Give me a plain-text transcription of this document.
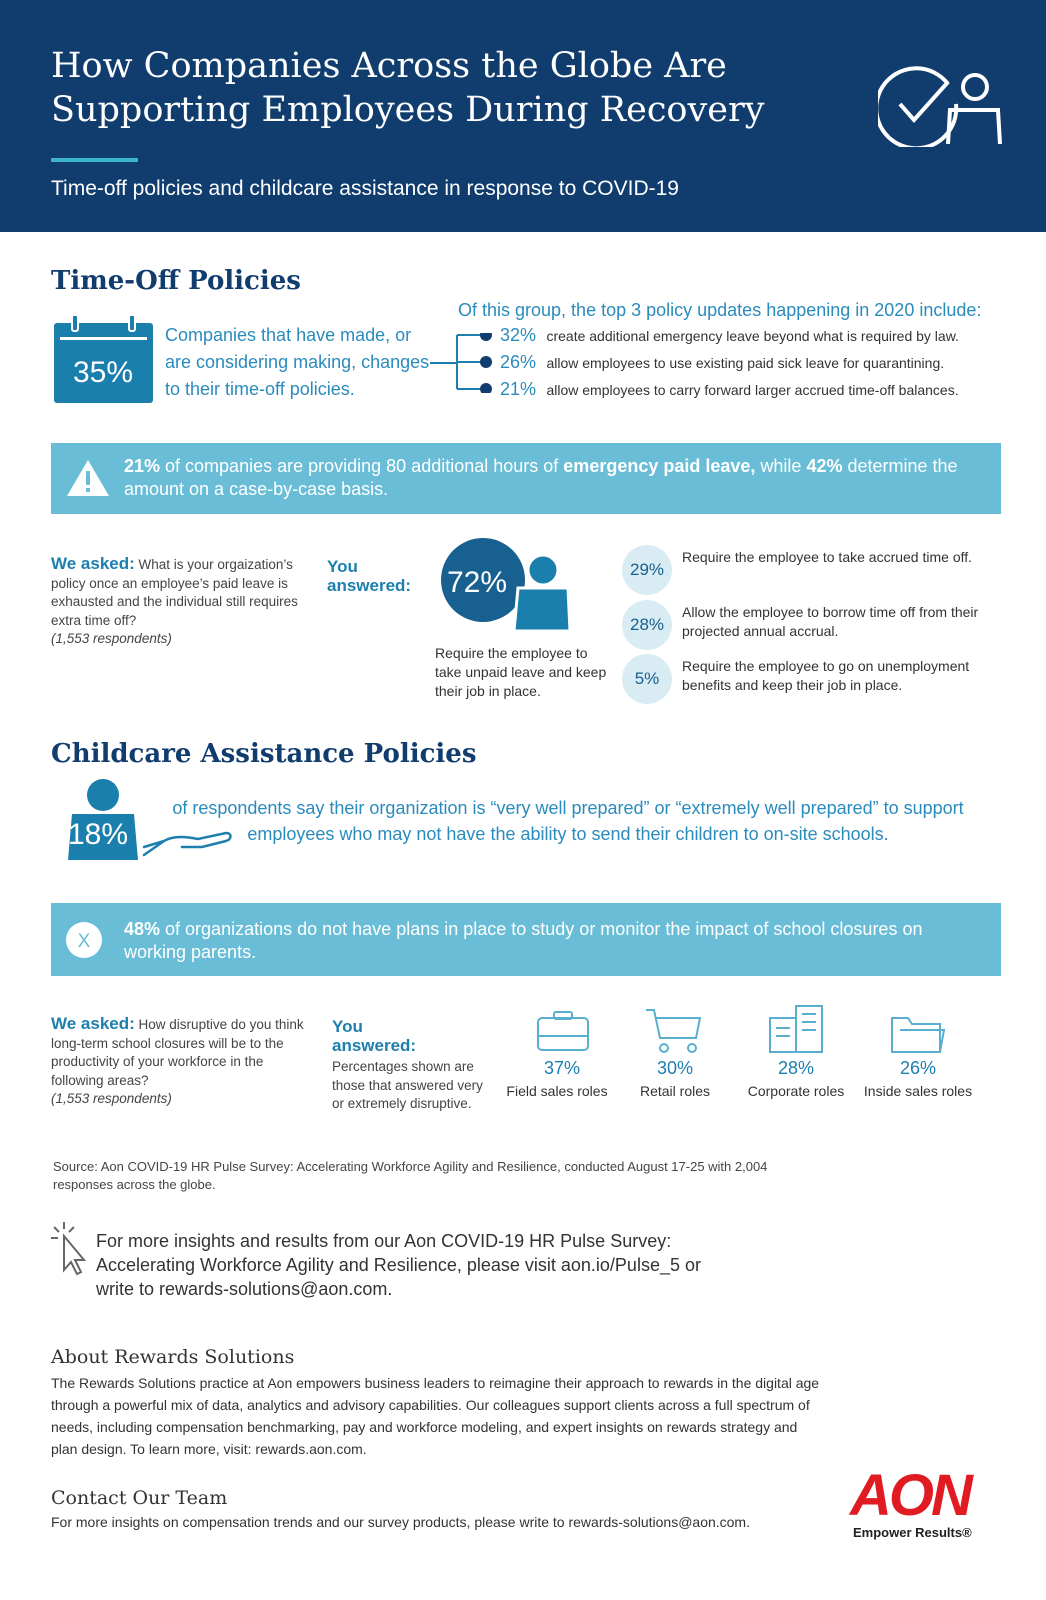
How Companies Across the Globe Are Supporting Employees During Recovery
Time-off policies and childcare assistance in response to COVID-19
Time-Off Policies
35%
Companies that have made, or are considering making, changes to their time-off policies.
Of this group, the top 3 policy updates happening in 2020 include:
32% create additional emergency leave beyond what is required by law.
26% allow employees to use existing paid sick leave for quarantining.
21% allow employees to carry forward larger accrued time-off balances.
21% of companies are providing 80 additional hours of emergency paid leave, while 42% determine the amount on a case-by-case basis.
We asked: What is your orgaization’s policy once an employee’s paid leave is exhausted and the individual still requires extra time off?
(1,553 respondents)
You
answered: 72%
Require the employee to take unpaid leave and keep their job in place.
29%
Require the employee to take accrued time off.
28%
Allow the employee to borrow time off from their projected annual accrual.
5%
Require the employee to go on unemployment benefits and keep their job in place.
Childcare Assistance Policies
18%
of respondents say their organization is “very well prepared” or “extremely well prepared” to support employees who may not have the ability to send their children to on-site schools.
X
48% of organizations do not have plans in place to study or monitor the impact of school closures on working parents.
We asked: How disruptive do you think long-term school closures will be to the productivity of your workforce in the following areas?
(1,553 respondents)
You
answered:
Percentages shown are those that answered very or extremely disruptive.
37%
Field sales roles
30%
Retail roles
28%
Corporate roles
26%
Inside sales roles
Source: Aon COVID-19 HR Pulse Survey: Accelerating Workforce Agility and Resilience, conducted August 17-25 with 2,004 responses across the globe.
For more insights and results from our Aon COVID-19 HR Pulse Survey: Accelerating Workforce Agility and Resilience, please visit aon.io/Pulse_5 or write to rewards-solutions@aon.com.
About Rewards Solutions
The Rewards Solutions practice at Aon empowers business leaders to reimagine their approach to rewards in the digital age through a powerful mix of data, analytics and advisory capabilities. Our colleagues support clients across a full spectrum of needs, including compensation benchmarking, pay and workforce modeling, and expert insights on rewards strategy and plan design. To learn more, visit: rewards.aon.com.
Contact Our Team
For more insights on compensation trends and our survey products, please write to rewards-solutions@aon.com.	AON
Empower Results®
